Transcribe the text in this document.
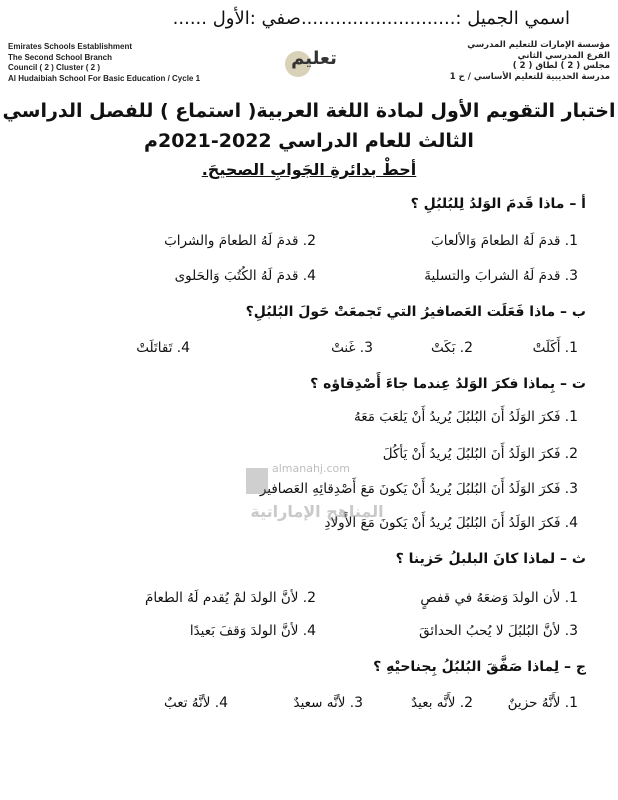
اسمي الجميل :...........................صفي :الأول ......
Emirates Schools Establishment
The Second School Branch
Council ( 2 ) Cluster ( 2 )
Al Hudaibiah School For Basic Education / Cycle 1
تعليم
مؤسسة الإمارات للتعليم المدرسي
الفرع المدرسي الثاني
مجلس ( 2 ) لطاق ( 2 )
مدرسة الحديبية للتعليم الأساسي / ح 1
اختبار التقويم الأول لمادة اللغة العربية( استماع ) للفصل الدراسي
الثالث للعام الدراسي 2022-2021م
أحطْ بدائرةِ الجَوابِ الصحيحَ.
أ – ماذا قَدمَ الوَلدُ لِلبُلبُلِ ؟
1. قدمَ لَهُ الطعامَ وَالألعابَ
2. قدمَ لَهُ الطعامَ والشرابَ
3. قدمَ لَهُ الشرابَ والتسليةَ
4. قدمَ لَهُ الكُتُبَ وَالحَلوى
ب – ماذا فَعَلَت العَصافيرُ التي تَجمعَتْ حَولَ البُلبُلِ؟
1. أَكَلَتْ
2. بَكَتْ
3. غَنتْ
4. تَقاتَلَتْ
ت – بِماذا فكرَ الوَلدُ عِندما جاءَ أَصْدِقاؤه ؟
1. فَكرَ الوَلَدُ أَنَ البُلبُلَ يُريدُ أَنْ يَلعَبَ مَعَهُ
2. فَكرَ الوَلَدُ أَنَ البُلبُلَ يُريدُ أَنْ يَأكُلَ
3. فَكرَ الوَلَدُ أَنَ البُلبُلَ يُريدُ أَنْ يَكونَ مَعَ أَصْدِقائِهِ العَصافير
4. فَكرَ الوَلَدُ أَنَ البُلبُلَ يُريدُ أَنْ يَكونَ مَعَ الأَولادِ
almanahj.com
المناهج الإماراتية
ث – لماذا كانَ البلبلُ حَزينا ؟
1. لأن الولدَ وَضعَهُ في قفصٍ
2. لأنَّ الولدَ لمْ يُقدم لَهُ الطعامَ
3. لأنَّ البُلبُلَ لا يُحبُ الحدائقَ
4. لأنَّ الولدَ وَقفَ بَعيدًا
ج – لِماذا صَفَّقَ البُلبُلُ بِجناحيْهِ ؟
1. لأَنَّهُ حزينٌ
2. لأَنَّه بعيدٌ
3. لأنَّه سعيدٌ
4. لأنَّهُ تعبٌ
